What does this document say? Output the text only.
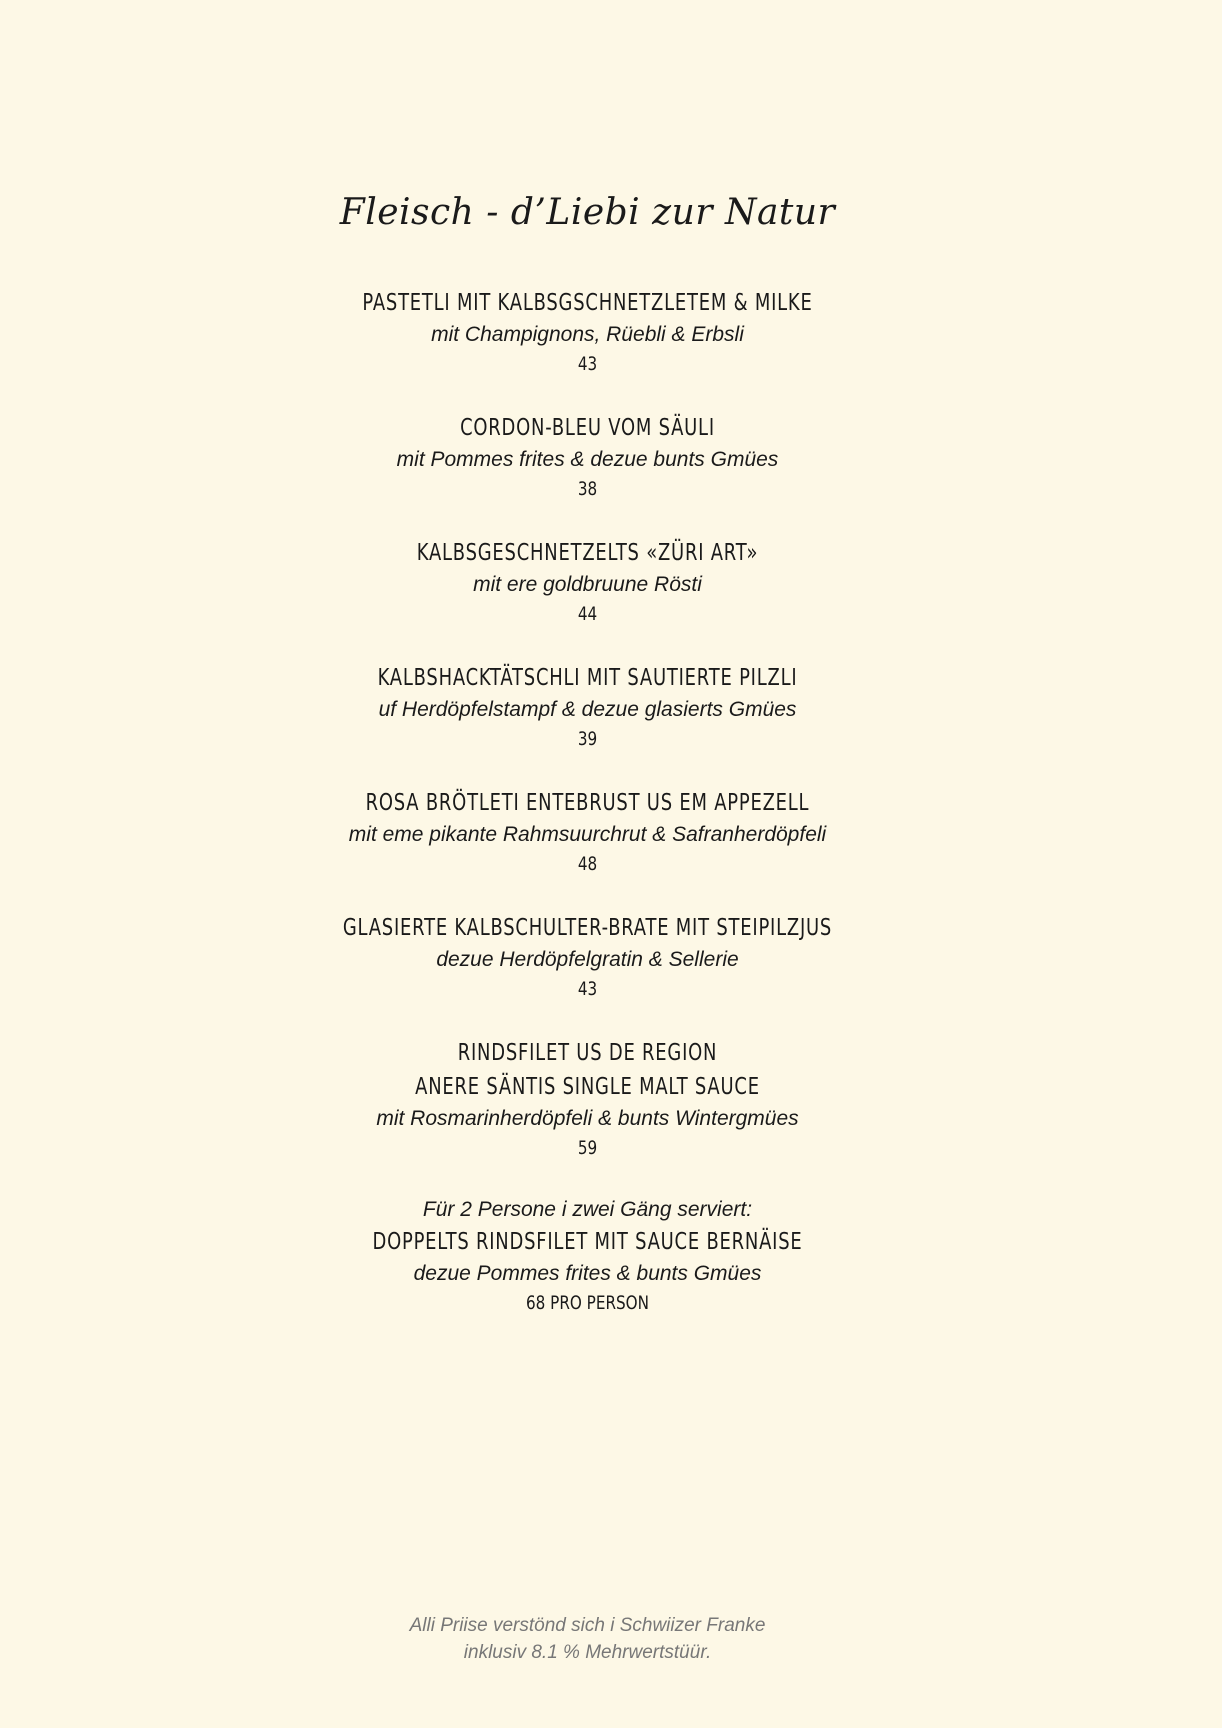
Fleisch - d’Liebi zur Natur
PASTETLI MIT KALBSGSCHNETZLETEM & MILKE
mit Champignons, Rüebli & Erbsli
43
CORDON-BLEU VOM SÄULI
mit Pommes frites & dezue bunts Gmües
38
KALBSGESCHNETZELTS «ZÜRI ART»
mit ere goldbruune Rösti
44
KALBSHACKTÄTSCHLI MIT SAUTIERTE PILZLI
uf Herdöpfelstampf & dezue glasierts Gmües
39
ROSA BRÖTLETI ENTEBRUST US EM APPEZELL
mit eme pikante Rahmsuurchrut & Safranherdöpfeli
48
GLASIERTE KALBSCHULTER-BRATE MIT STEIPILZJUS
dezue Herdöpfelgratin & Sellerie
43
RINDSFILET US DE REGION
ANERE SÄNTIS SINGLE MALT SAUCE
mit Rosmarinherdöpfeli & bunts Wintergmües
59
Für 2 Persone i zwei Gäng serviert:
DOPPELTS RINDSFILET MIT SAUCE BERNÄISE
dezue Pommes frites & bunts Gmües
68 PRO PERSON
Alli Priise verstönd sich i Schwiizer Franke
inklusiv 8.1 % Mehrwertstüür.
